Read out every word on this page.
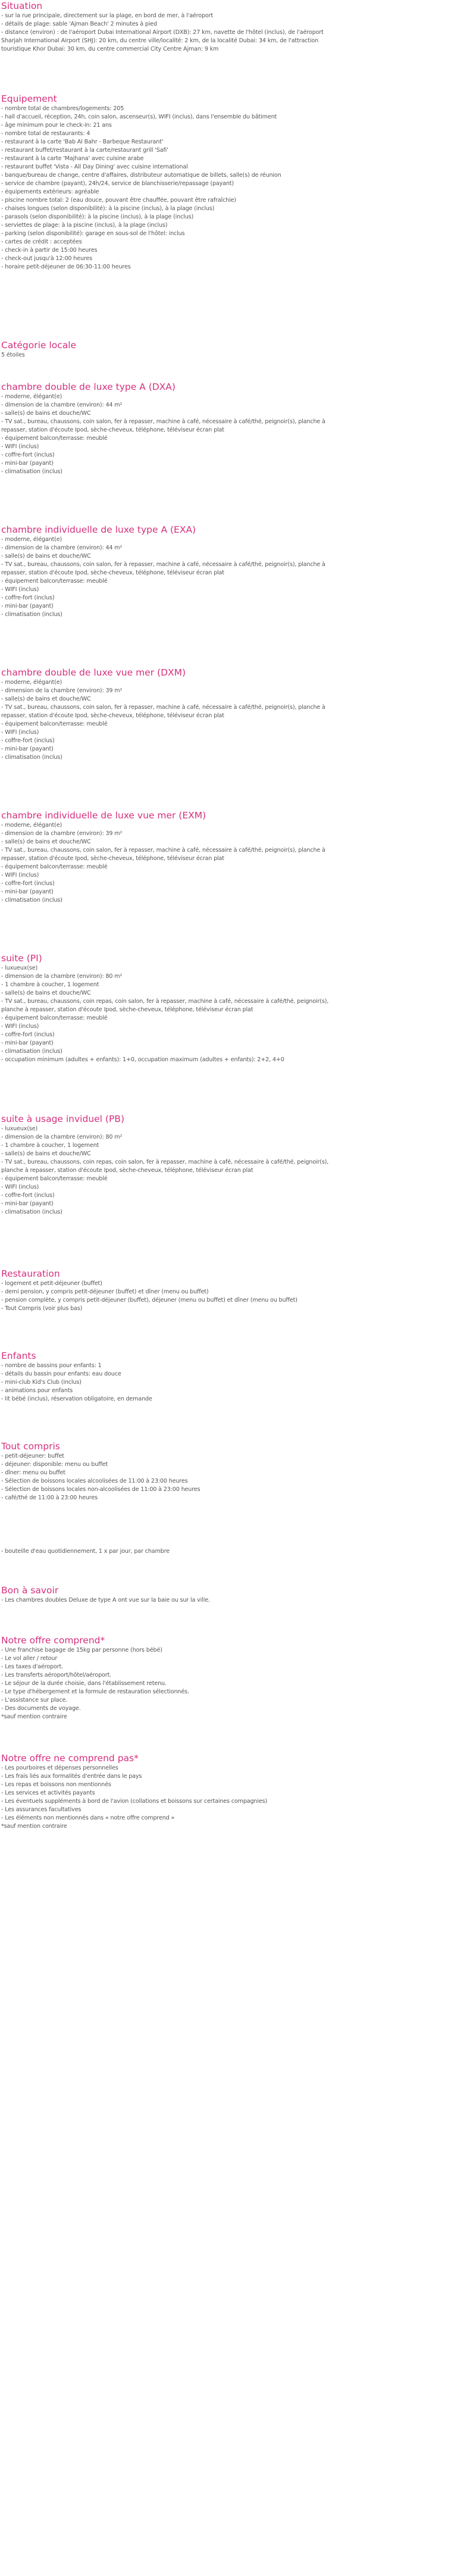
Situation
- sur la rue principale, directement sur la plage, en bord de mer, à l'aéroport
- détails de plage: sable 'Ajman Beach' 2 minutes à pied
- distance (environ) : de l'aéroport Dubai International Airport (DXB): 27 km, navette de l'hôtel (inclus), de l'aéroport
Sharjah International Airport (SHJ): 20 km, du centre ville/localité: 2 km, de la localité Dubai: 34 km, de l'attraction
touristique Khor Dubai: 30 km, du centre commercial City Centre Ajman: 9 km
Equipement
- nombre total de chambres/logements: 205
- hall d'accueil, réception, 24h, coin salon, ascenseur(s), WIFI (inclus), dans l'ensemble du bâtiment
- âge minimum pour le check-in: 21 ans
- nombre total de restaurants: 4
- restaurant à la carte 'Bab Al Bahr - Barbeque Restaurant'
- restaurant buffet/restaurant à la carte/restaurant grill 'Safi'
- restaurant à la carte 'Majhana' avec cuisine arabe
- restaurant buffet 'Vista - All Day Dining' avec cuisine international
- banque/bureau de change, centre d'affaires, distributeur automatique de billets, salle(s) de réunion
- service de chambre (payant), 24h/24, service de blanchisserie/repassage (payant)
- équipements extérieurs: agréable
- piscine nombre total: 2 (eau douce, pouvant être chauffée, pouvant être rafraîchie)
- chaises longues (selon disponibilité): à la piscine (inclus), à la plage (inclus)
- parasols (selon disponibilité): à la piscine (inclus), à la plage (inclus)
- serviettes de plage: à la piscine (inclus), à la plage (inclus)
- parking (selon disponibilité): garage en sous-sol de l'hôtel: inclus
- cartes de crédit : acceptées
- check-in à partir de 15:00 heures
- check-out jusqu'à 12:00 heures
- horaire petit-déjeuner de 06:30-11:00 heures
Catégorie locale
5 étoiles
chambre double de luxe type A (DXA)
- moderne, élégant(e)
- dimension de la chambre (environ): 44 m²
- salle(s) de bains et douche/WC
- TV sat., bureau, chaussons, coin salon, fer à repasser, machine à café, nécessaire à café/thé, peignoir(s), planche à
repasser, station d'écoute Ipod, sèche-cheveux, téléphone, téléviseur écran plat
- équipement balcon/terrasse: meublé
- WIFI (inclus)
- coffre-fort (inclus)
- mini-bar (payant)
- climatisation (inclus)
chambre individuelle de luxe type A (EXA)
- moderne, élégant(e)
- dimension de la chambre (environ): 44 m²
- salle(s) de bains et douche/WC
- TV sat., bureau, chaussons, coin salon, fer à repasser, machine à café, nécessaire à café/thé, peignoir(s), planche à
repasser, station d'écoute Ipod, sèche-cheveux, téléphone, téléviseur écran plat
- équipement balcon/terrasse: meublé
- WIFI (inclus)
- coffre-fort (inclus)
- mini-bar (payant)
- climatisation (inclus)
chambre double de luxe vue mer (DXM)
- moderne, élégant(e)
- dimension de la chambre (environ): 39 m²
- salle(s) de bains et douche/WC
- TV sat., bureau, chaussons, coin salon, fer à repasser, machine à café, nécessaire à café/thé, peignoir(s), planche à
repasser, station d'écoute Ipod, sèche-cheveux, téléphone, téléviseur écran plat
- équipement balcon/terrasse: meublé
- WIFI (inclus)
- coffre-fort (inclus)
- mini-bar (payant)
- climatisation (inclus)
chambre individuelle de luxe vue mer (EXM)
- moderne, élégant(e)
- dimension de la chambre (environ): 39 m²
- salle(s) de bains et douche/WC
- TV sat., bureau, chaussons, coin salon, fer à repasser, machine à café, nécessaire à café/thé, peignoir(s), planche à
repasser, station d'écoute Ipod, sèche-cheveux, téléphone, téléviseur écran plat
- équipement balcon/terrasse: meublé
- WIFI (inclus)
- coffre-fort (inclus)
- mini-bar (payant)
- climatisation (inclus)
suite (PI)
- luxueux(se)
- dimension de la chambre (environ): 80 m²
- 1 chambre à coucher, 1 logement
- salle(s) de bains et douche/WC
- TV sat., bureau, chaussons, coin repas, coin salon, fer à repasser, machine à café, nécessaire à café/thé, peignoir(s),
planche à repasser, station d'écoute Ipod, sèche-cheveux, téléphone, téléviseur écran plat
- équipement balcon/terrasse: meublé
- WIFI (inclus)
- coffre-fort (inclus)
- mini-bar (payant)
- climatisation (inclus)
- occupation minimum (adultes + enfants): 1+0, occupation maximum (adultes + enfants): 2+2, 4+0
suite à usage inviduel (PB)
- luxueux(se)
- dimension de la chambre (environ): 80 m²
- 1 chambre à coucher, 1 logement
- salle(s) de bains et douche/WC
- TV sat., bureau, chaussons, coin repas, coin salon, fer à repasser, machine à café, nécessaire à café/thé, peignoir(s),
planche à repasser, station d'écoute Ipod, sèche-cheveux, téléphone, téléviseur écran plat
- équipement balcon/terrasse: meublé
- WIFI (inclus)
- coffre-fort (inclus)
- mini-bar (payant)
- climatisation (inclus)
Restauration
- logement et petit-déjeuner (buffet)
- demi pension, y compris petit-déjeuner (buffet) et dîner (menu ou buffet)
- pension complète, y compris petit-déjeuner (buffet), déjeuner (menu ou buffet) et dîner (menu ou buffet)
- Tout Compris (voir plus bas)
Enfants
- nombre de bassins pour enfants: 1
- détails du bassin pour enfants: eau douce
- mini-club Kid's Club (inclus)
- animations pour enfants
- lit bébé (inclus), réservation obligatoire, en demande
Tout compris
- petit-déjeuner: buffet
- déjeuner: disponible: menu ou buffet
- dîner: menu ou buffet
- Sélection de boissons locales alcoolisées de 11:00 à 23:00 heures
- Sélection de boissons locales non-alcoolisées de 11:00 à 23:00 heures
- café/thé de 11:00 à 23:00 heures
- bouteille d'eau quotidiennement, 1 x par jour, par chambre
Bon à savoir
- Les chambres doubles Deluxe de type A ont vue sur la baie ou sur la ville.
Notre offre comprend*
- Une franchise bagage de 15kg par personne (hors bébé)
- Le vol aller / retour
- Les taxes d'aéroport.
- Les transferts aéroport/hôtel/aéroport.
- Le séjour de la durée choisie, dans l'établissement retenu.
- Le type d'hébergement et la formule de restauration sélectionnés.
- L'assistance sur place.
- Des documents de voyage.
*sauf mention contraire
Notre offre ne comprend pas*
- Les pourboires et dépenses personnelles
- Les frais liés aux formalités d'entrée dans le pays
- Les repas et boissons non mentionnés
- Les services et activités payants
- Les éventuels suppléments à bord de l'avion (collations et boissons sur certaines compagnies)
- Les assurances facultatives
- Les éléments non mentionnés dans « notre offre comprend »
*sauf mention contraire
